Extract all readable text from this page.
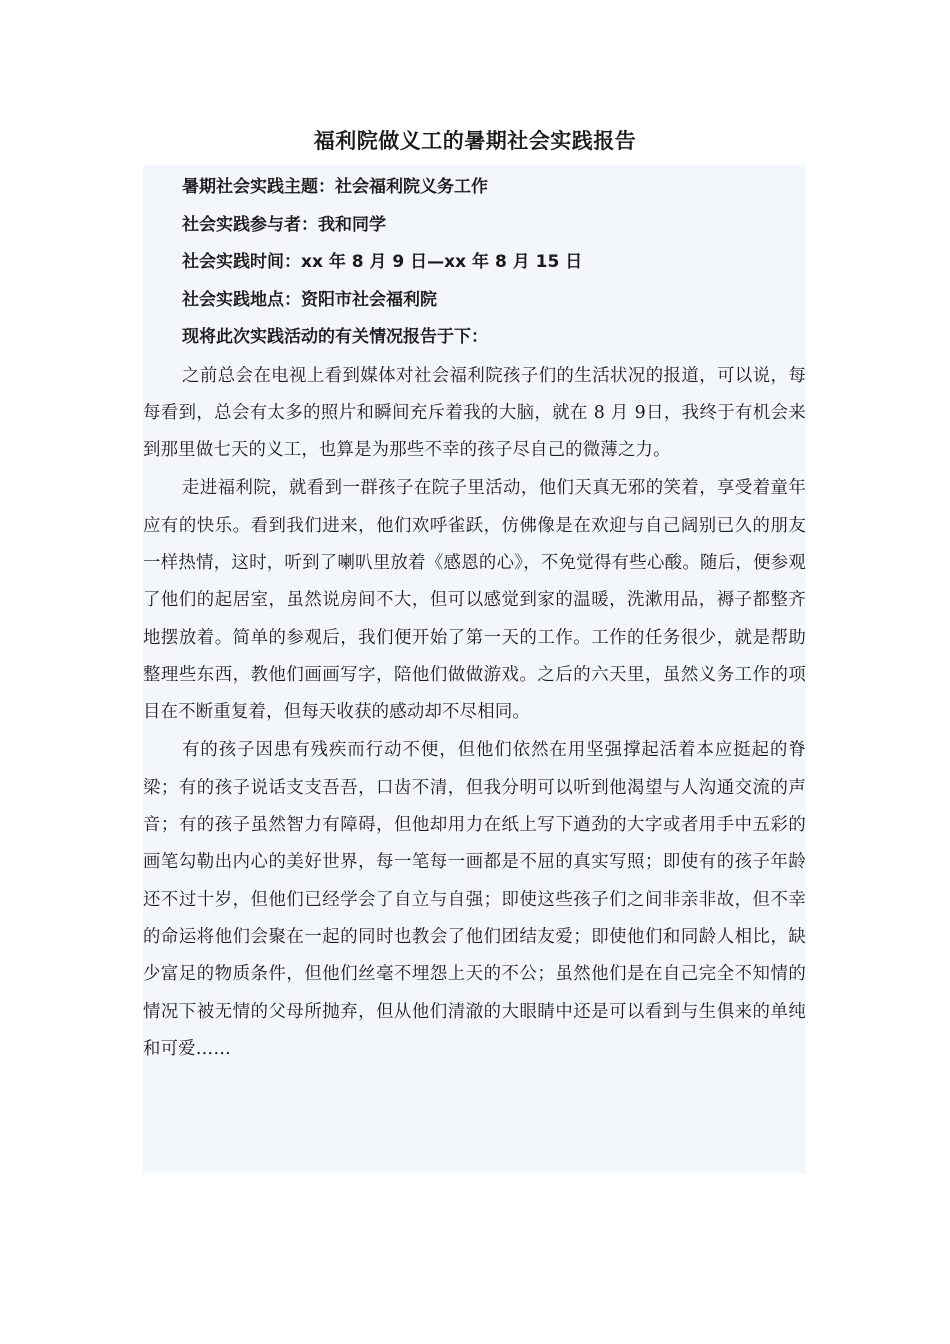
福利院做义工的暑期社会实践报告

暑期社会实践主题：社会福利院义务工作

社会实践参与者：我和同学

社会实践时间：xx 年 8 月 9 日—xx 年 8 月 15 日

社会实践地点：资阳市社会福利院

现将此次实践活动的有关情况报告于下：

之前总会在电视上看到媒体对社会福利院孩子们的生活状况的报道，可以说，每每看到，总会有太多的照片和瞬间充斥着我的大脑，就在 8 月 9日，我终于有机会来到那里做七天的义工，也算是为那些不幸的孩子尽自己的微薄之力。

走进福利院，就看到一群孩子在院子里活动，他们天真无邪的笑着，享受着童年应有的快乐。看到我们进来，他们欢呼雀跃，仿佛像是在欢迎与自己阔别已久的朋友一样热情，这时，听到了喇叭里放着《感恩的心》，不免觉得有些心酸。随后，便参观了他们的起居室，虽然说房间不大，但可以感觉到家的温暖，洗漱用品，褥子都整齐地摆放着。简单的参观后，我们便开始了第一天的工作。工作的任务很少，就是帮助整理些东西，教他们画画写字，陪他们做做游戏。之后的六天里，虽然义务工作的项目在不断重复着，但每天收获的感动却不尽相同。

有的孩子因患有残疾而行动不便，但他们依然在用坚强撑起活着本应挺起的脊梁；有的孩子说话支支吾吾，口齿不清，但我分明可以听到他渴望与人沟通交流的声音；有的孩子虽然智力有障碍，但他却用力在纸上写下遒劲的大字或者用手中五彩的画笔勾勒出内心的美好世界，每一笔每一画都是不屈的真实写照；即使有的孩子年龄还不过十岁，但他们已经学会了自立与自强；即使这些孩子们之间非亲非故，但不幸的命运将他们会聚在一起的同时也教会了他们团结友爱；即使他们和同龄人相比，缺少富足的物质条件，但他们丝毫不埋怨上天的不公；虽然他们是在自己完全不知情的情况下被无情的父母所抛弃，但从他们清澈的大眼睛中还是可以看到与生俱来的单纯和可爱……
